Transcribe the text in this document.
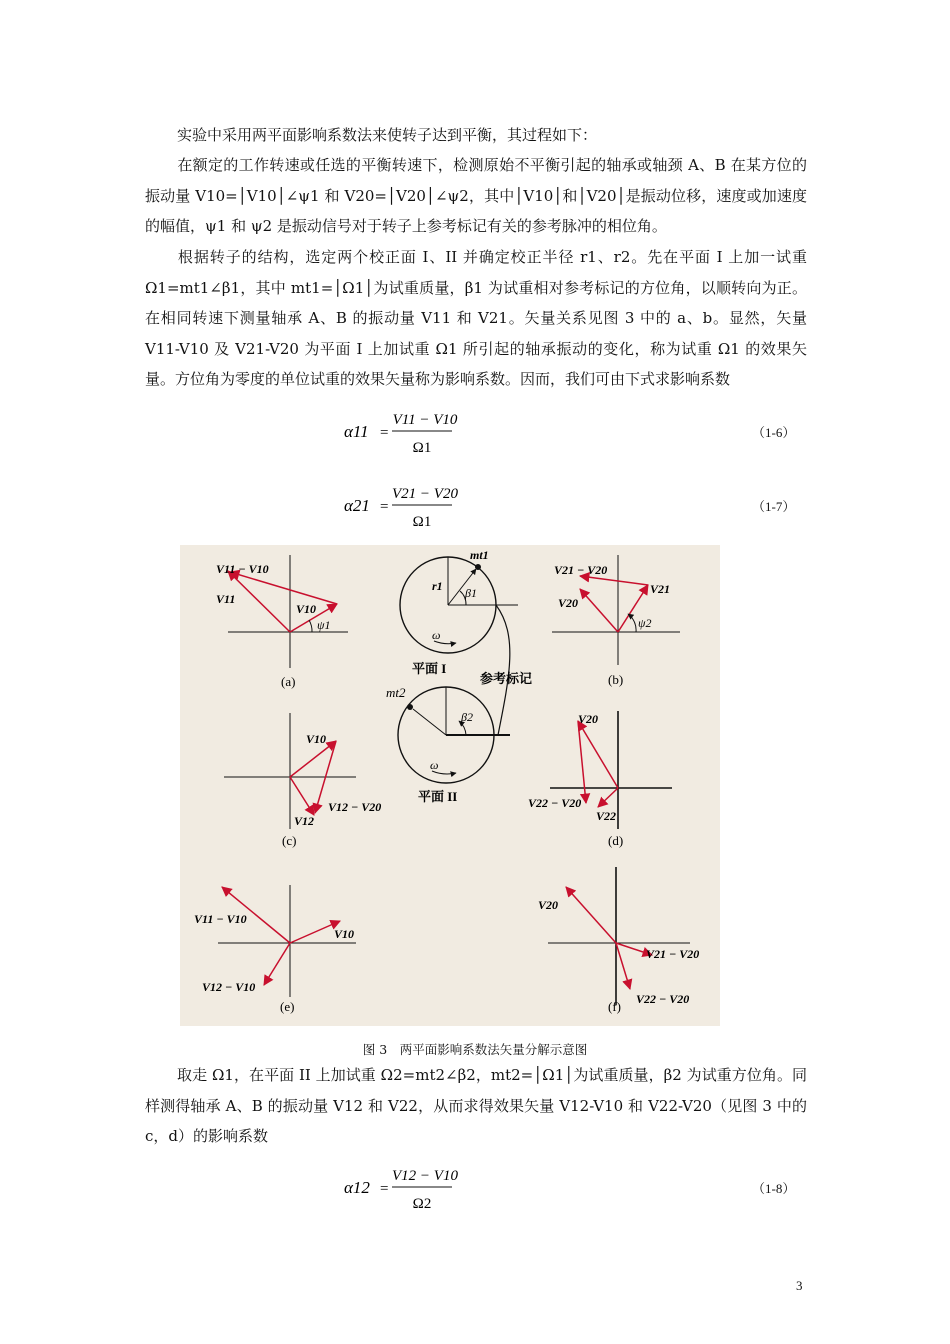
实验中采用两平面影响系数法来使转子达到平衡，其过程如下：

在额定的工作转速或任选的平衡转速下，检测原始不平衡引起的轴承或轴颈 A、B 在某方位的振动量 V10=│V10│∠ψ1 和 V20=│V20│∠ψ2，其中│V10│和│V20│是振动位移，速度或加速度的幅值，ψ1 和 ψ2 是振动信号对于转子上参考标记有关的参考脉冲的相位角。

根据转子的结构，选定两个校正面 I、II 并确定校正半径 r1、r2。先在平面 I 上加一试重 Ω1=mt1∠β1，其中 mt1=│Ω1│为试重质量，β1 为试重相对参考标记的方位角，以顺转向为正。在相同转速下测量轴承 A、B 的振动量 V11 和 V21。矢量关系见图 3 中的 a、b。显然，矢量 V11-V10 及 V21-V20 为平面 I 上加试重 Ω1 所引起的轴承振动的变化，称为试重 Ω1 的效果矢量。方位角为零度的单位试重的效果矢量称为影响系数。因而，我们可由下式求影响系数

α11 =
V11 − V10
Ω1
（1-6）
α21 =
V21 − V20
Ω1
（1-7）
V11 − V10
V11
V10
ψ1
(a)
V21 − V20
V21
V20
ψ2
(b)
mt1
r1 β1
ω
平面 I
参考标记
mt2
β2
ω
平面 II
V10
V12 − V20
V12
(c)
V20
V22 − V20
V22
(d)
V11 − V10
V10
V12 − V10
(e)
V20
V21 − V20
V22 − V20
(f)
图 3　两平面影响系数法矢量分解示意图

取走 Ω1，在平面 II 上加试重 Ω2=mt2∠β2，mt2=│Ω1│为试重质量，β2 为试重方位角。同样测得轴承 A、B 的振动量 V12 和 V22，从而求得效果矢量 V12-V10 和 V22-V20（见图 3 中的 c，d）的影响系数

α12 =
V12 − V10
Ω2
（1-8）
3
